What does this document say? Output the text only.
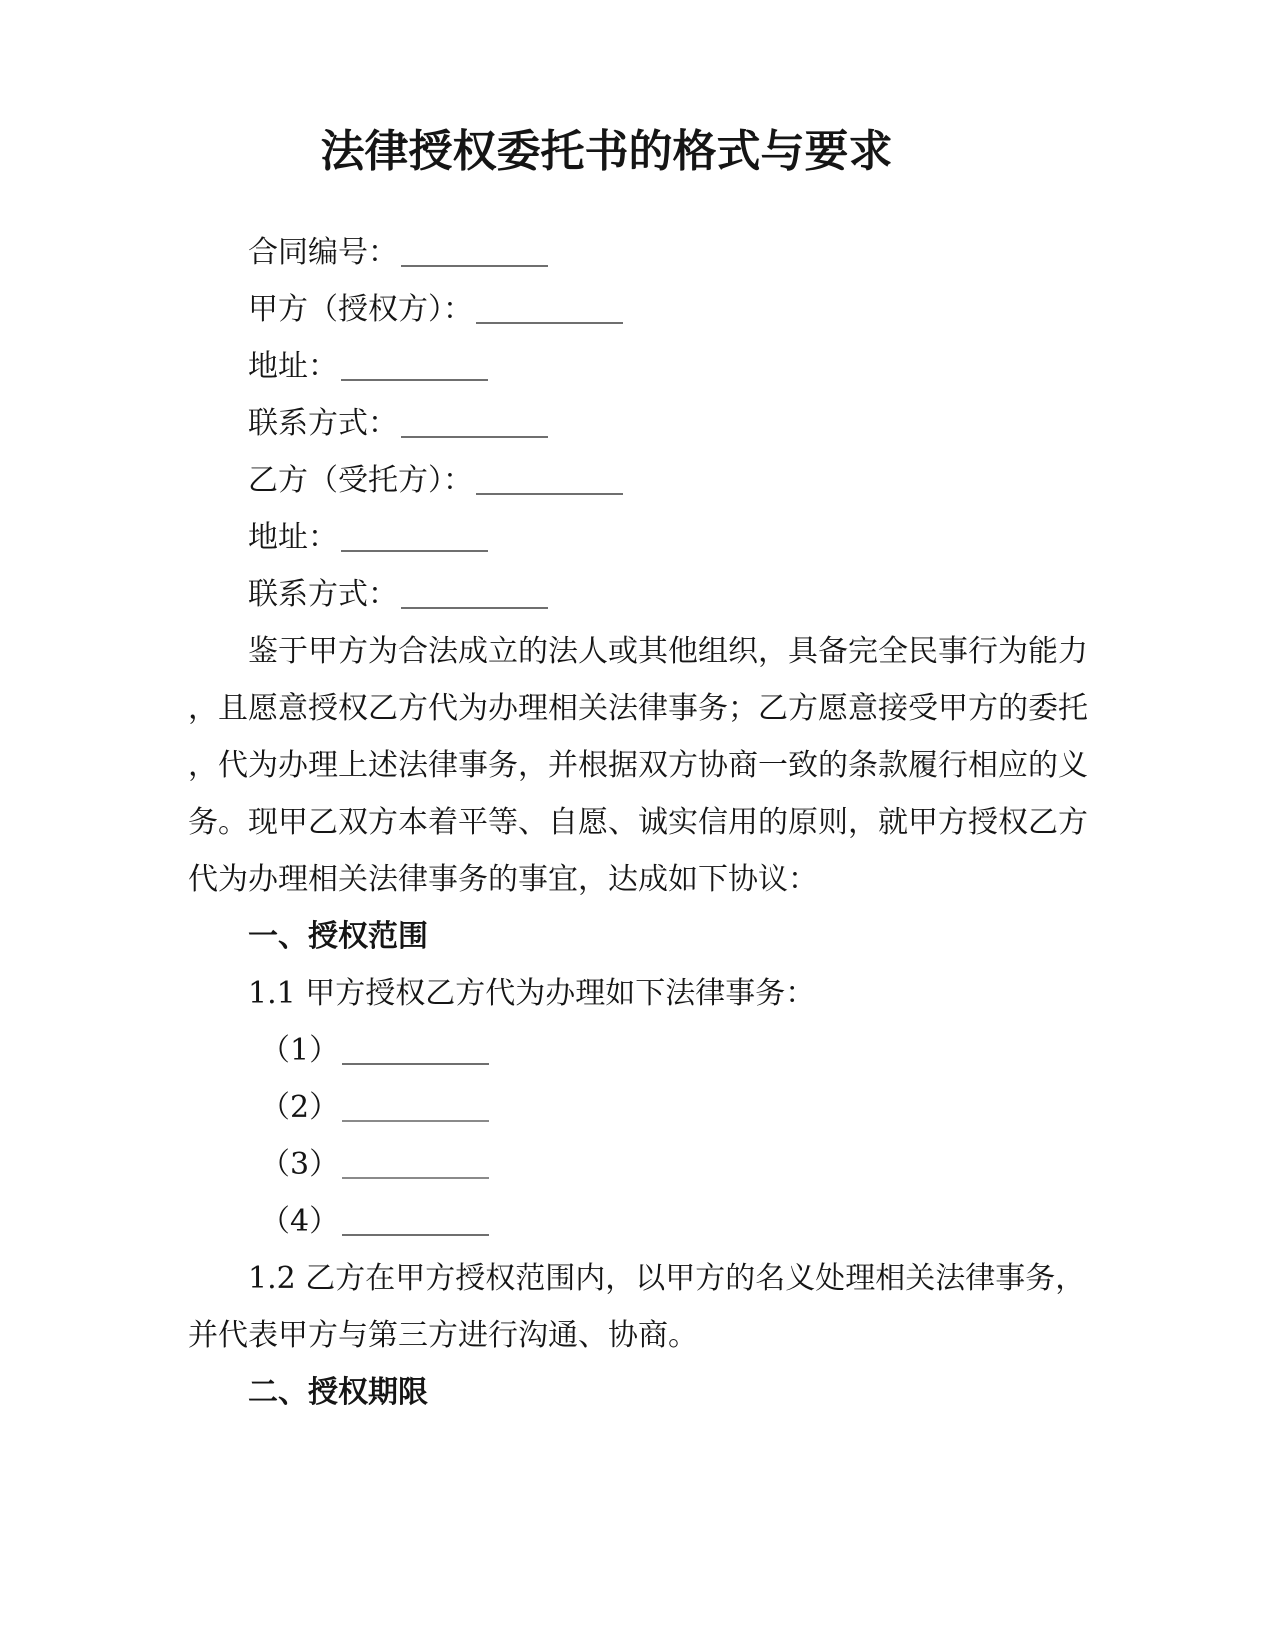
法律授权委托书的格式与要求
合同编号：
甲方（授权方）：
地址：
联系方式：
乙方（受托方）：
地址：
联系方式：
鉴于甲方为合法成立的法人或其他组织，具备完全民事行为能力
，且愿意授权乙方代为办理相关法律事务；乙方愿意接受甲方的委托
，代为办理上述法律事务，并根据双方协商一致的条款履行相应的义
务。现甲乙双方本着平等、自愿、诚实信用的原则，就甲方授权乙方
代为办理相关法律事务的事宜，达成如下协议：
一、授权范围
1.1 甲方授权乙方代为办理如下法律事务：
（1）
（2）
（3）
（4）
1.2 乙方在甲方授权范围内，以甲方的名义处理相关法律事务，
并代表甲方与第三方进行沟通、协商。
二、授权期限
